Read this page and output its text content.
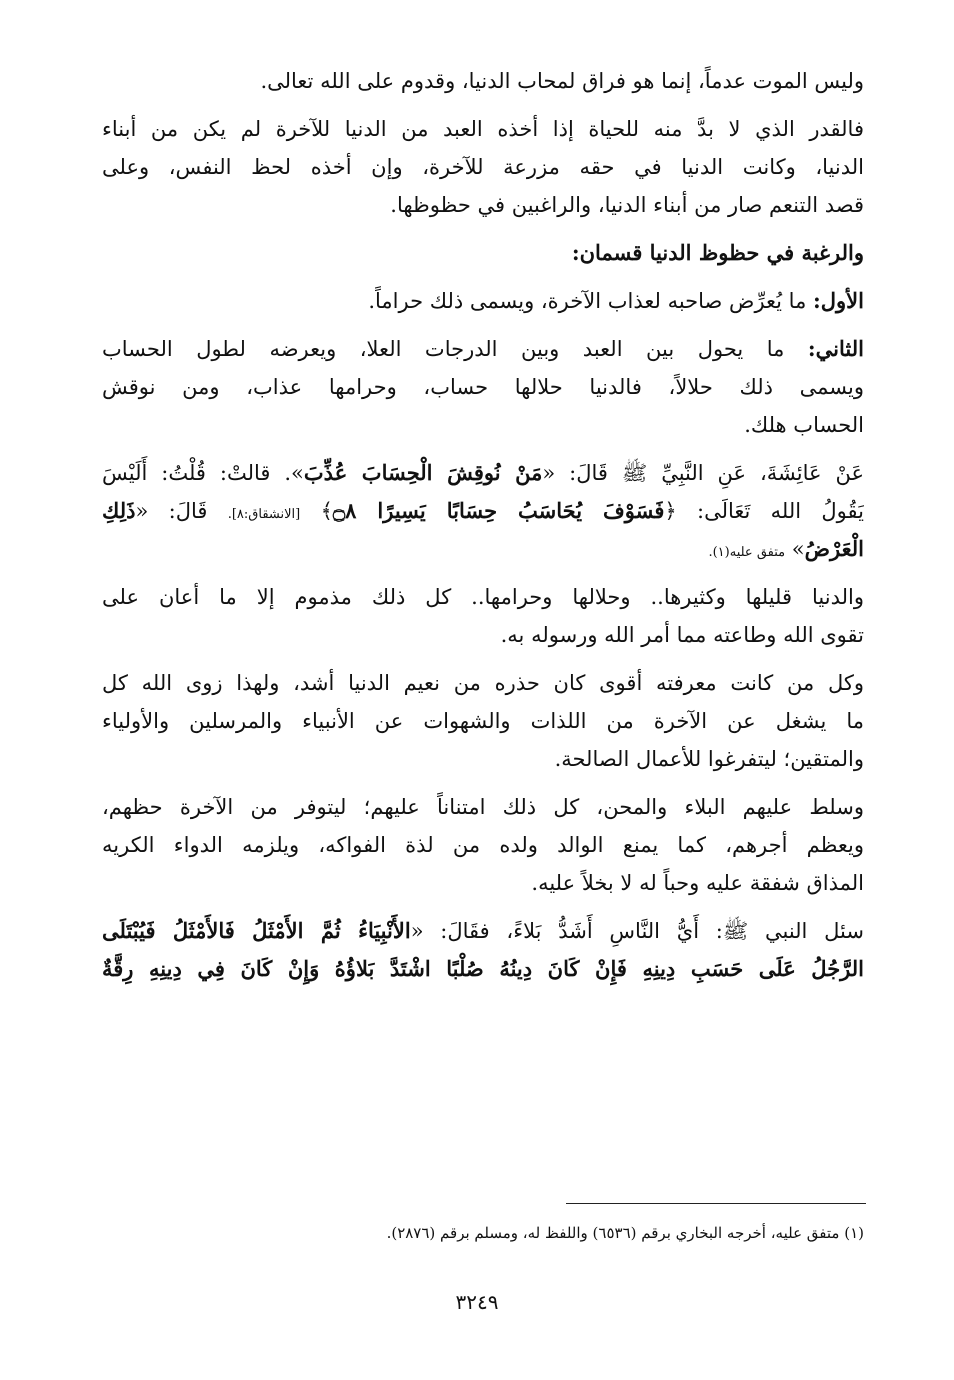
وليس الموت عدماً، إنما هو فراق لمحاب الدنيا، وقدوم على الله تعالى.
فالقدر الذي لا بدَّ منه للحياة إذا أخذه العبد من الدنيا للآخرة لم يكن من أبناء
الدنيا، وكانت الدنيا في حقه مزرعة للآخرة، وإن أخذه لحظ النفس، وعلى
قصد التنعم صار من أبناء الدنيا، والراغبين في حظوظها.
والرغبة في حظوظ الدنيا قسمان:
الأول: ما يُعرِّض صاحبه لعذاب الآخرة، ويسمى ذلك حراماً.
الثاني: ما يحول بين العبد وبين الدرجات العلا، ويعرضه لطول الحساب
ويسمى ذلك حلالاً، فالدنيا حلالها حساب، وحرامها عذاب، ومن نوقش
الحساب هلك.
عَنْ عَائِشَةَ، عَنِ النَّبِيِّ ﷺ قَالَ: «مَنْ نُوقِشَ الْحِسَابَ عُذِّبَ». قالتْ: قُلْتُ: أَلَيْسَ
يَقُولُ الله تَعَالَى: ﴿فَسَوْفَ يُحَاسَبُ حِسَابًا يَسِيرًا ۝٨﴾ [الانشقاق:٨]. قَالَ: «ذَلِكِ
الْعَرْضُ» متفق عليه(١).
والدنيا قليلها وكثيرها.. وحلالها وحرامها.. كل ذلك مذموم إلا ما أعان على
تقوى الله وطاعته مما أمر الله ورسوله به.
وكل من كانت معرفته أقوى كان حذره من نعيم الدنيا أشد، ولهذا زوى الله كل
ما يشغل عن الآخرة من اللذات والشهوات عن الأنبياء والمرسلين والأولياء
والمتقين؛ ليتفرغوا للأعمال الصالحة.
وسلط عليهم البلاء والمحن، كل ذلك امتناناً عليهم؛ ليتوفر من الآخرة حظهم،
ويعظم أجرهم، كما يمنع الوالد ولده من لذة الفواكه، ويلزمه الدواء الكريه
المذاق شفقة عليه وحباً له لا بخلاً عليه.
سئل النبي ﷺ: أَيُّ النَّاسِ أَشَدُّ بَلاءً، فقَالَ: «الأَنْبِيَاءُ ثُمَّ الأَمْثَلُ فَالأَمْثَلُ فَيُبْتَلَى
الرَّجُلُ عَلَى حَسَبِ دِينِهِ فَإِنْ كَانَ دِينُهُ صُلْبًا اشْتَدَّ بَلاؤُهُ وَإِنْ كَانَ فِي دِينِهِ رِقَّةٌ
(١) متفق عليه، أخرجه البخاري برقم (٦٥٣٦) واللفظ له، ومسلم برقم (٢٨٧٦).
٣٢٤٩
